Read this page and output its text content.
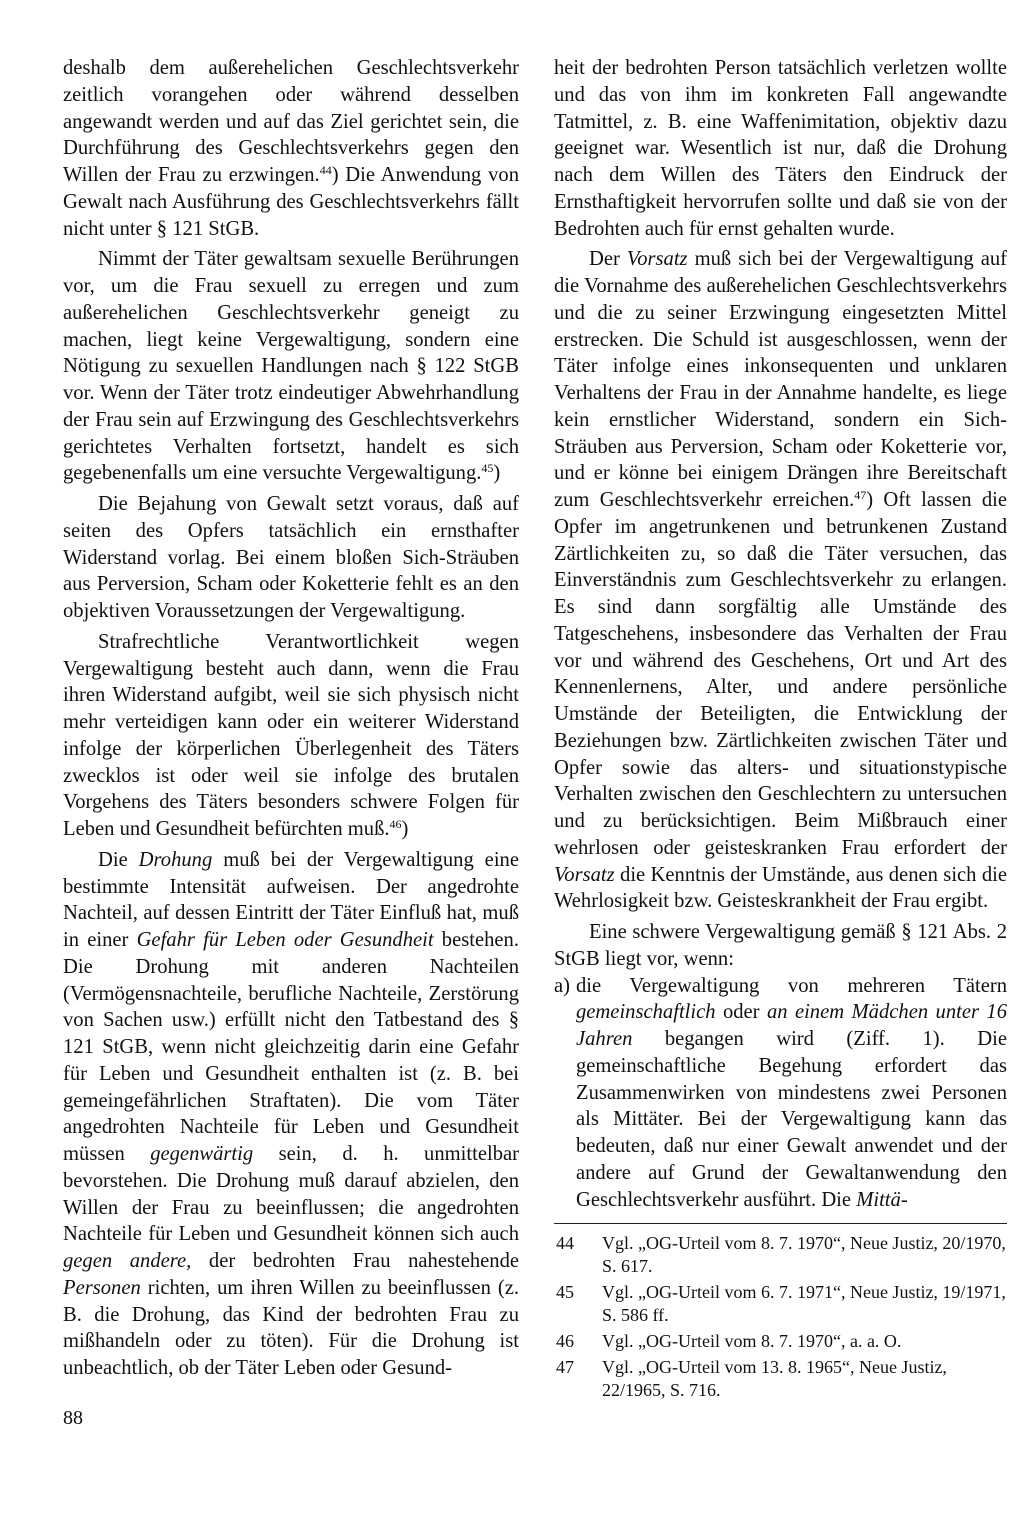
deshalb dem außerehelichen Geschlechtsverkehr zeitlich vorangehen oder während desselben angewandt werden und auf das Ziel gerichtet sein, die Durchführung des Geschlechtsverkehrs gegen den Willen der Frau zu erzwingen.$^{44}$) Die Anwendung von Gewalt nach Ausführung des Geschlechtsverkehrs fällt nicht unter § 121 StGB.

Nimmt der Täter gewaltsam sexuelle Berührungen vor, um die Frau sexuell zu erregen und zum außerehelichen Geschlechtsverkehr geneigt zu machen, liegt keine Vergewaltigung, sondern eine Nötigung zu sexuellen Handlungen nach § 122 StGB vor. Wenn der Täter trotz eindeutiger Abwehrhandlung der Frau sein auf Erzwingung des Geschlechtsverkehrs gerichtetes Verhalten fortsetzt, handelt es sich gegebenenfalls um eine versuchte Vergewaltigung.$^{45}$)

Die Bejahung von Gewalt setzt voraus, daß auf seiten des Opfers tatsächlich ein ernsthafter Widerstand vorlag. Bei einem bloßen Sich-Sträuben aus Perversion, Scham oder Koketterie fehlt es an den objektiven Voraussetzungen der Vergewaltigung.

Strafrechtliche Verantwortlichkeit wegen Vergewaltigung besteht auch dann, wenn die Frau ihren Widerstand aufgibt, weil sie sich physisch nicht mehr verteidigen kann oder ein weiterer Widerstand infolge der körperlichen Überlegenheit des Täters zwecklos ist oder weil sie infolge des brutalen Vorgehens des Täters besonders schwere Folgen für Leben und Gesundheit befürchten muß.$^{46}$)

Die Drohung muß bei der Vergewaltigung eine bestimmte Intensität aufweisen. Der angedrohte Nachteil, auf dessen Eintritt der Täter Einfluß hat, muß in einer Gefahr für Leben oder Gesundheit bestehen. Die Drohung mit anderen Nachteilen (Vermögensnachteile, berufliche Nachteile, Zerstörung von Sachen usw.) erfüllt nicht den Tatbestand des § 121 StGB, wenn nicht gleichzeitig darin eine Gefahr für Leben und Gesundheit enthalten ist (z. B. bei gemeingefährlichen Straftaten). Die vom Täter angedrohten Nachteile für Leben und Gesundheit müssen gegenwärtig sein, d. h. unmittelbar bevorstehen. Die Drohung muß darauf abzielen, den Willen der Frau zu beeinflussen; die angedrohten Nachteile für Leben und Gesundheit können sich auch gegen andere, der bedrohten Frau nahestehende Personen richten, um ihren Willen zu beeinflussen (z. B. die Drohung, das Kind der bedrohten Frau zu mißhandeln oder zu töten). Für die Drohung ist unbeachtlich, ob der Täter Leben oder Gesund-

heit der bedrohten Person tatsächlich verletzen wollte und das von ihm im konkreten Fall angewandte Tatmittel, z. B. eine Waffenimitation, objektiv dazu geeignet war. Wesentlich ist nur, daß die Drohung nach dem Willen des Täters den Eindruck der Ernsthaftigkeit hervorrufen sollte und daß sie von der Bedrohten auch für ernst gehalten wurde.

Der Vorsatz muß sich bei der Vergewaltigung auf die Vornahme des außerehelichen Geschlechtsverkehrs und die zu seiner Erzwingung eingesetzten Mittel erstrecken. Die Schuld ist ausgeschlossen, wenn der Täter infolge eines inkonsequenten und unklaren Verhaltens der Frau in der Annahme handelte, es liege kein ernstlicher Widerstand, sondern ein Sich-Sträuben aus Perversion, Scham oder Koketterie vor, und er könne bei einigem Drängen ihre Bereitschaft zum Geschlechtsverkehr erreichen.$^{47}$) Oft lassen die Opfer im angetrunkenen und betrunkenen Zustand Zärtlichkeiten zu, so daß die Täter versuchen, das Einverständnis zum Geschlechtsverkehr zu erlangen. Es sind dann sorgfältig alle Umstände des Tatgeschehens, insbesondere das Verhalten der Frau vor und während des Geschehens, Ort und Art des Kennenlernens, Alter, und andere persönliche Umstände der Beteiligten, die Entwicklung der Beziehungen bzw. Zärtlichkeiten zwischen Täter und Opfer sowie das alters- und situationstypische Verhalten zwischen den Geschlechtern zu untersuchen und zu berücksichtigen. Beim Mißbrauch einer wehrlosen oder geisteskranken Frau erfordert der Vorsatz die Kenntnis der Umstände, aus denen sich die Wehrlosigkeit bzw. Geisteskrankheit der Frau ergibt.

Eine schwere Vergewaltigung gemäß § 121 Abs. 2 StGB liegt vor, wenn:

a) die Vergewaltigung von mehreren Tätern gemeinschaftlich oder an einem Mädchen unter 16 Jahren begangen wird (Ziff. 1). Die gemeinschaftliche Begehung erfordert das Zusammenwirken von mindestens zwei Personen als Mittäter. Bei der Vergewaltigung kann das bedeuten, daß nur einer Gewalt anwendet und der andere auf Grund der Gewaltanwendung den Geschlechtsverkehr ausführt. Die Mittä-
44 Vgl. „OG-Urteil vom 8. 7. 1970“, Neue Justiz, 20/1970, S. 617.
45 Vgl. „OG-Urteil vom 6. 7. 1971“, Neue Justiz, 19/1971, S. 586 ff.
46 Vgl. „OG-Urteil vom 8. 7. 1970“, a. a. O.
47 Vgl. „OG-Urteil vom 13. 8. 1965“, Neue Justiz, 22/1965, S. 716.
88
